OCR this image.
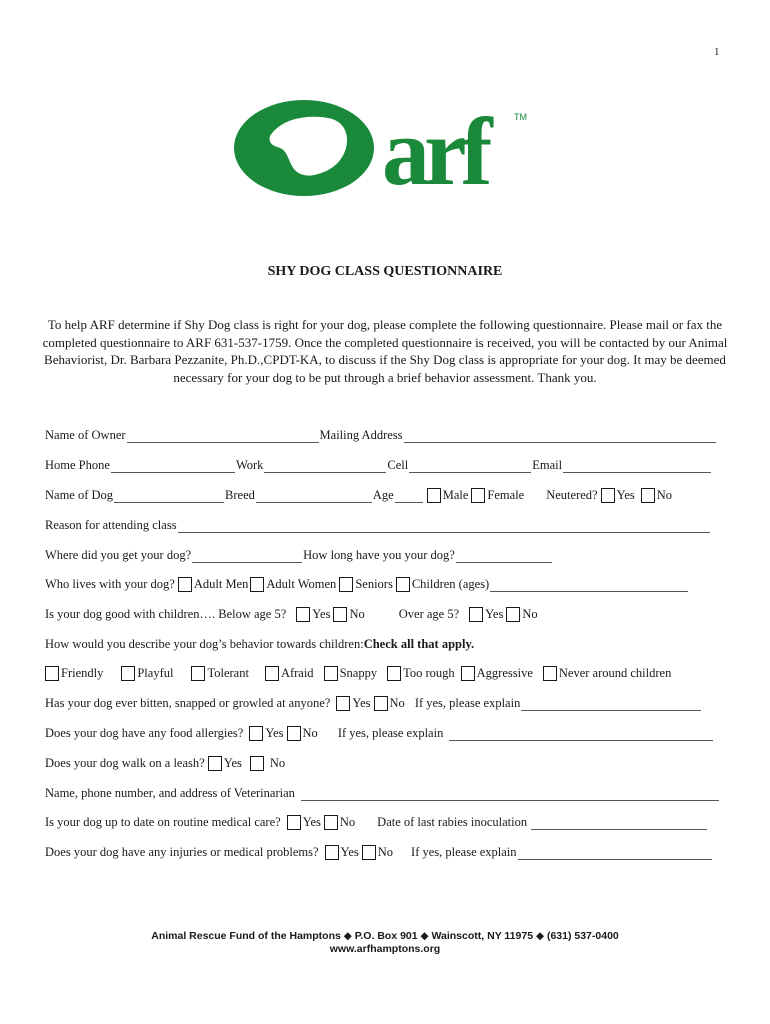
1
arf	TM
SHY DOG CLASS QUESTIONNAIRE
To help ARF determine if Shy Dog class is right for your dog, please complete the following questionnaire. Please mail or fax the completed questionnaire to ARF 631-537-1759. Once the completed questionnaire is received, you will be contacted by our Animal Behaviorist, Dr. Barbara Pezzanite, Ph.D.,CPDT-KA, to discuss if the Shy Dog class is appropriate for your dog. It may be deemed necessary for your dog to be put through a brief behavior assessment. Thank you.
Name of Owner	Mailing Address
Home Phone	Work	Cell	Email
Name of Dog	Breed	Age	Male Female Neutered? Yes No
Reason for attending class
Where did you get your dog?	How long have you your dog?
Who lives with your dog? Adult Men Adult Women Seniors Children (ages)
Is your dog good with children…. Below age 5? Yes No	Over age 5? Yes No
How would you describe your dog’s behavior towards children: Check all that apply.
Friendly	Playful	Tolerant	Afraid Snappy Too rough Aggressive Never around children
Has your dog ever bitten, snapped or growled at anyone? Yes No If yes, please explain
Does your dog have any food allergies? Yes No If yes, please explain
Does your dog walk on a leash? Yes No
Name, phone number, and address of Veterinarian
Is your dog up to date on routine medical care? Yes No Date of last rabies inoculation
Does your dog have any injuries or medical problems? Yes No If yes, please explain
Animal Rescue Fund of the Hamptons ◆ P.O. Box 901 ◆ Wainscott, NY 11975 ◆ (631) 537-0400
www.arfhamptons.org
